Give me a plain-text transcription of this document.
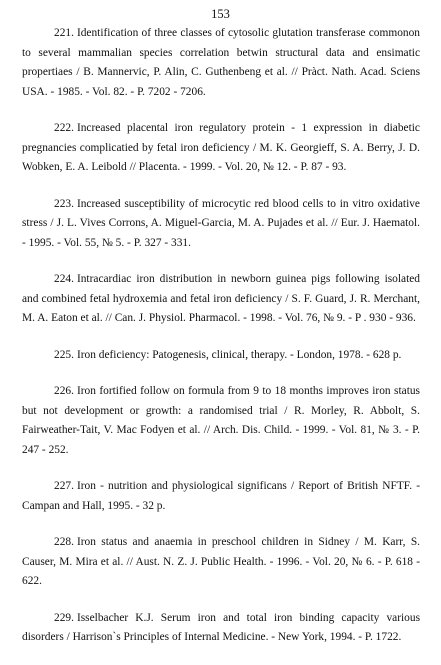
153

221. Identification of three classes of cytosolic glutation transferase commonon to several mammalian species correlation betwin structural data and ensimatic propertiaes / B. Mannervic, P. Alin, C. Guthenbeng et al. // Pràct. Nath. Acad. Sciens USA. - 1985. - Vol. 82. - P. 7202 - 7206.

222. Increased placental iron regulatory protein - 1 expression in diabetic pregnancies complicatied by fetal iron deficiency / M. K. Georgieff, S. A. Berry, J. D. Wobken, E. A. Leibold // Placenta. - 1999. - Vol. 20, № 12. - P. 87 - 93.

223. Increased susceptibility of microcytic red blood cells to in vitro oxidative stress / J. L. Vives Corrons, A. Miguel-Garcia, M. A. Pujades et al. // Eur. J. Haematol. - 1995. - Vol. 55, № 5. - P. 327 - 331.

224. Intracardiac iron distribution in newborn guinea pigs following isolated and combined fetal hydroxemia and fetal iron deficiency / S. F. Guard, J. R. Merchant, M. A. Eaton et al. // Can. J. Physiol. Pharmacol. - 1998. - Vol. 76, № 9. - P . 930 - 936.

225. Iron deficiency: Patogenesis, clinical, therapy. - London, 1978. - 628 p.

226. Iron fortified follow on formula from 9 to 18 months improves iron status but not development or growth: a randomised trial / R. Morley, R. Abbolt, S. Fairweather-Tait, V. Mac Fodyen et al. // Arch. Dis. Child. - 1999. - Vol. 81, № 3. - P. 247 - 252.

227. Iron - nutrition and physiological significans / Report of British NFTF. - Campan and Hall, 1995. - 32 p.

228. Iron status and anaemia in preschool children in Sidney / M. Karr, S. Causer, M. Mira et al. // Aust. N. Z. J. Public Health. - 1996. - Vol. 20, № 6. - P. 618 - 622.

229. Isselbacher K.J. Serum iron and total iron binding capacity various disorders / Harrison`s Principles of Internal Medicine. - New York, 1994. - P. 1722.
